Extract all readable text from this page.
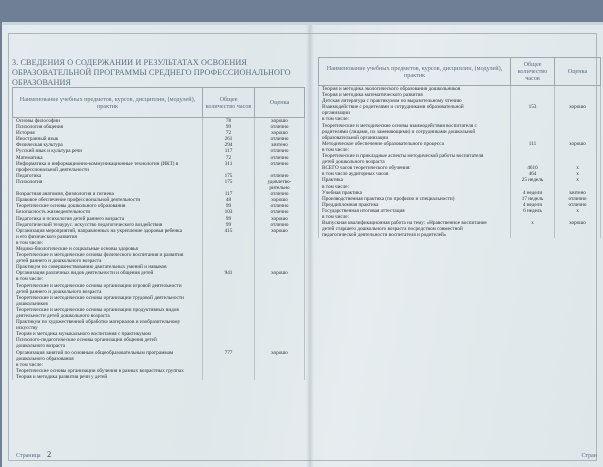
3. СВЕДЕНИЯ О СОДЕРЖАНИИ И РЕЗУЛЬТАТАХ ОСВОЕНИЯ ОБРАЗОВАТЕЛЬНОЙ ПРОГРАММЫ СРЕДНЕГО ПРОФЕССИОНАЛЬНОГО ОБРАЗОВАНИЯ
Наименование учебных предметов, курсов, дисциплин, (модулей), практик	Общее количество часов	Оценка
Основы философии	78	хорошо
Психология общения	99	отлично
История	72	хорошо
Иностранный язык	261	отлично
Физическая культура	294	зачтено
Русский язык и культура речи	117	отлично
Математика	72	отлично
Информатика и информационно-коммуникационные технологии (ИКТ) в	311	отлично
профессиональной деятельности		
Педагогика	175	отлично
Психология	175	удовлетво-
		рительно
Возрастная анатомия, физиология и гигиена	117	отлично
Правовое обеспечение профессиональной деятельности	48	хорошо
Теоретические основы дошкольного образования	99	отлично
Безопасность жизнедеятельности	103	отлично
Педагогика и психология детей раннего возраста	99	хорошо
Педагогический тезаурус. искусство педагогического воздействия	99	отлично
Организация мероприятий, направленных на укрепление здоровья ребенка	415	хорошо
и его физического развития		
в том числе:		
Медико-биологические и социальные основы здоровья		
Теоретические и методические основы физического воспитания и развития		
детей раннего и дошкольного возраста		
Практикум по совершенствованию двигательных умений и навыков		
Организация различных видов деятельности и общения детей	941	хорошо
в том числе:		
Теоретические и методические основы организации игровой деятельности		
детей раннего и дошкольного возраста		
Теоретические и методические основы организации трудовой деятельности		
дошкольников		
Теоретические и методические основы организации продуктивных видов		
деятельности детей дошкольного возраста		
Практикум по художественной обработке материалов и изобразительному		
искусству		
Теория и методика музыкального воспитания с практикумом		
Психолого-педагогические основы организации общения детей		
дошкольного возраста		
Организация занятий по основным общеобразовательным программам	777	хорошо
дошкольного образования		
в том числе:		
Теоретические основы организации обучения в разных возрастных группах		
Теория и методика развития речи у детей		
Наименование учебных предметов, курсов, дисциплин, (модулей), практик	Общее количество часов	Оценка
Теория и методика экологического образования дошкольников		
Теория и методика математического развития		
Детская литература с практикумом по выразительному чтению		
Взаимодействие с родителями и сотрудниками образовательной	153	хорошо
организации		
в том числе:		
Теоретические и методические основы взаимодействия воспитателя с		
родителями (лицами, их заменяющими) и сотрудниками дошкольной		
образовательной организации		
Методическое обеспечение образовательного процесса	111	хорошо
в том числе:		
Теоретические и прикладные аспекты методической работы воспитателя		
детей дошкольного возраста		
ВСЕГО часов теоретического обучения:	4616	х
в том числе аудиторных часов	464	х
Практика	25 недель	х
в том числе:		
Учебная практика	4 недели	зачтено
Производственная практика (по профилю и специальности)	17 недель	отлично
Преддипломная практика	4 недели	отлично
Государственная итоговая аттестация	6 недель	х
в том числе:		
Выпускная квалификационная работа на тему: «Нравственное воспитание	х	хорошо
детей старшего дошкольного возраста посредством совместной		
педагогической деятельности воспитателя и родителей»		
Страница 2	Стран
